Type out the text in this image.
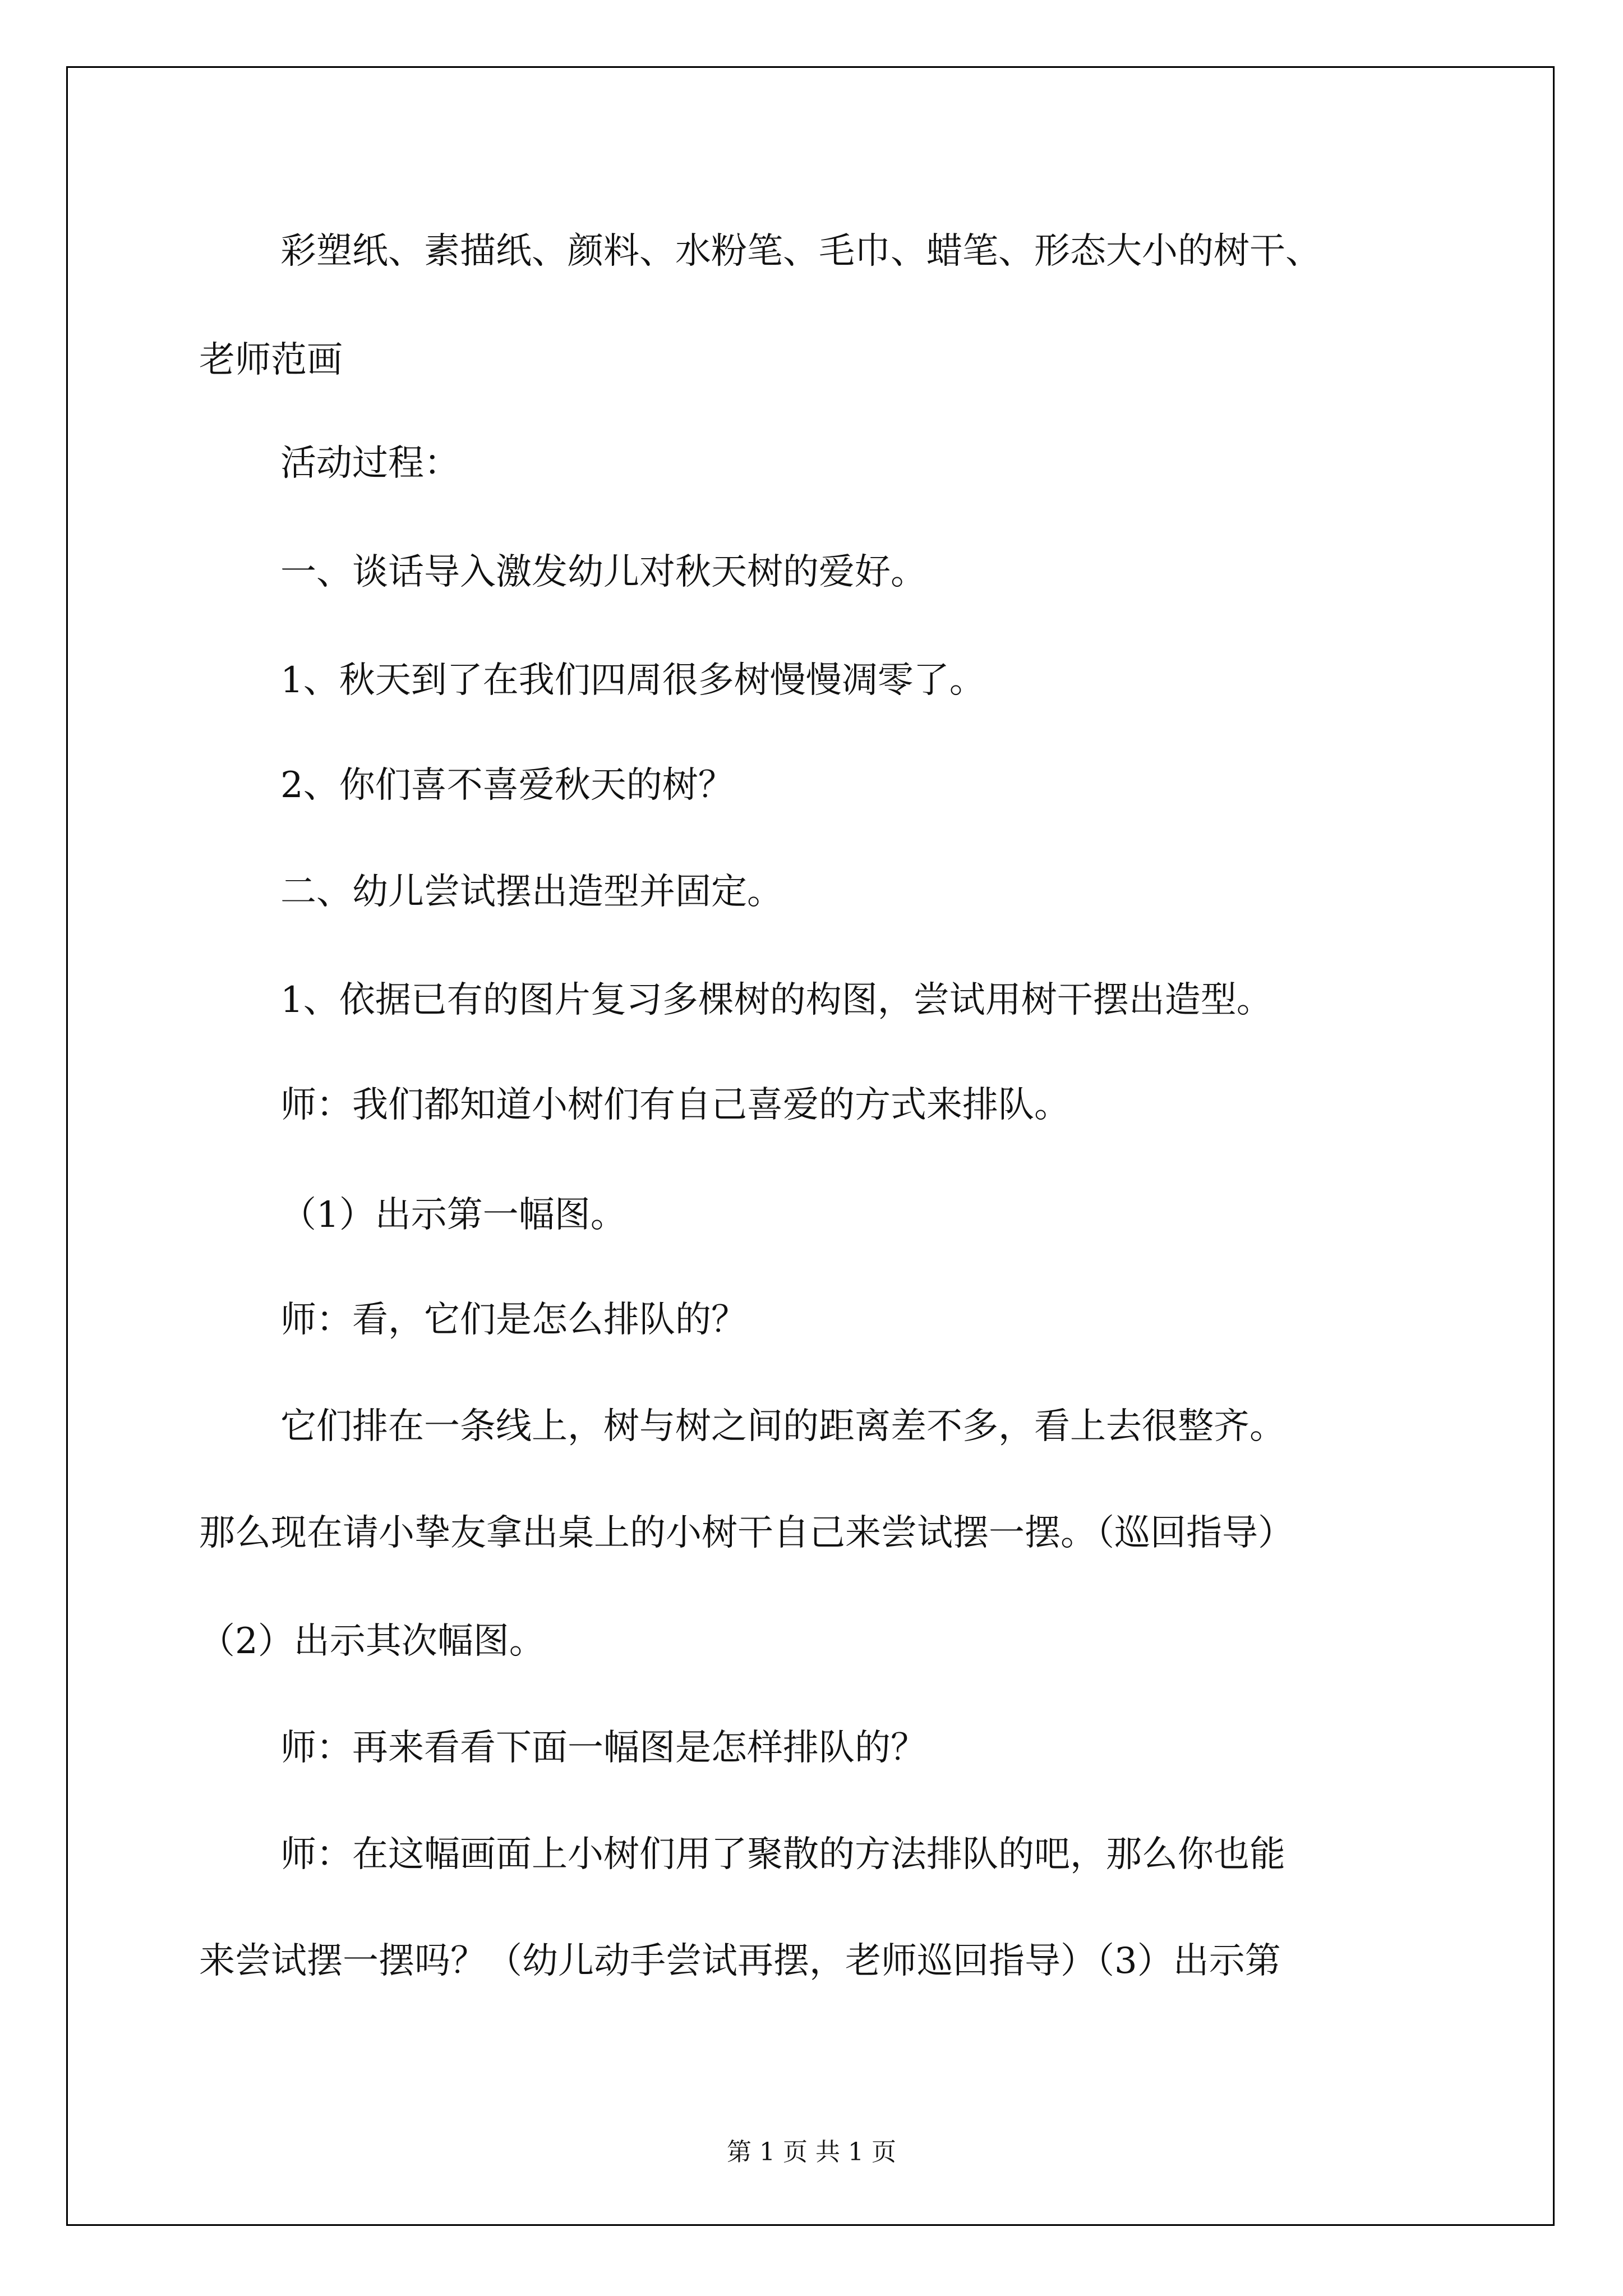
彩塑纸、素描纸、颜料、水粉笔、毛巾、蜡笔、形态大小的树干、

老师范画

活动过程：

一、谈话导入激发幼儿对秋天树的爱好。

1、秋天到了在我们四周很多树慢慢凋零了。

2、你们喜不喜爱秋天的树？

二、幼儿尝试摆出造型并固定。

1、依据已有的图片复习多棵树的构图，尝试用树干摆出造型。

师：我们都知道小树们有自己喜爱的方式来排队。

（1）出示第一幅图。

师：看，它们是怎么排队的？

它们排在一条线上，树与树之间的距离差不多，看上去很整齐。

那么现在请小挚友拿出桌上的小树干自己来尝试摆一摆。（巡回指导）

（2）出示其次幅图。

师：再来看看下面一幅图是怎样排队的？

师：在这幅画面上小树们用了聚散的方法排队的吧，那么你也能

来尝试摆一摆吗？（幼儿动手尝试再摆，老师巡回指导）（3）出示第

第 1 页 共 1 页
